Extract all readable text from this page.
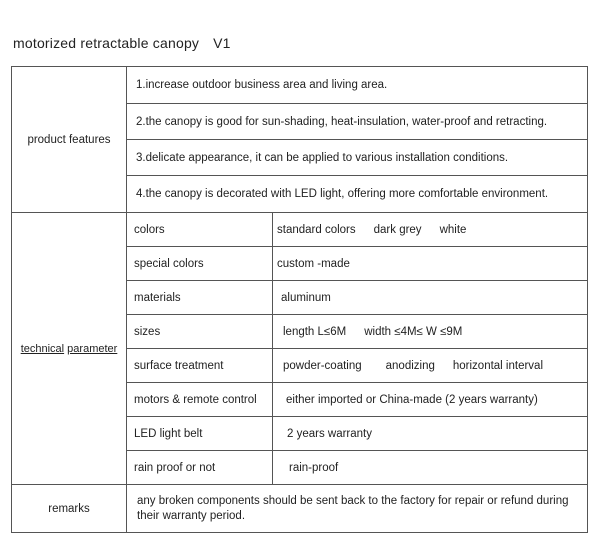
motorized retractable canopy V1
product features	1.increase outdoor business area and living area.	
	2.the canopy is good for sun-shading, heat-insulation, water-proof and retracting.	
	3.delicate appearance, it can be applied to various installation conditions.	
	4.the canopy is decorated with LED light, offering more comfortable environment.	
technical parameter	colors	standard colors dark grey white
	special colors	custom -made
	materials	aluminum
	sizes	length L≤6M width ≤4M≤ W ≤9M
	surface treatment	powder-coating anodizing horizontal interval
	motors & remote control	either imported or China-made (2 years warranty)
	LED light belt	2 years warranty
	rain proof or not	rain-proof
remarks	any broken components should be sent back to the factory for repair or refund during their warranty period.	
